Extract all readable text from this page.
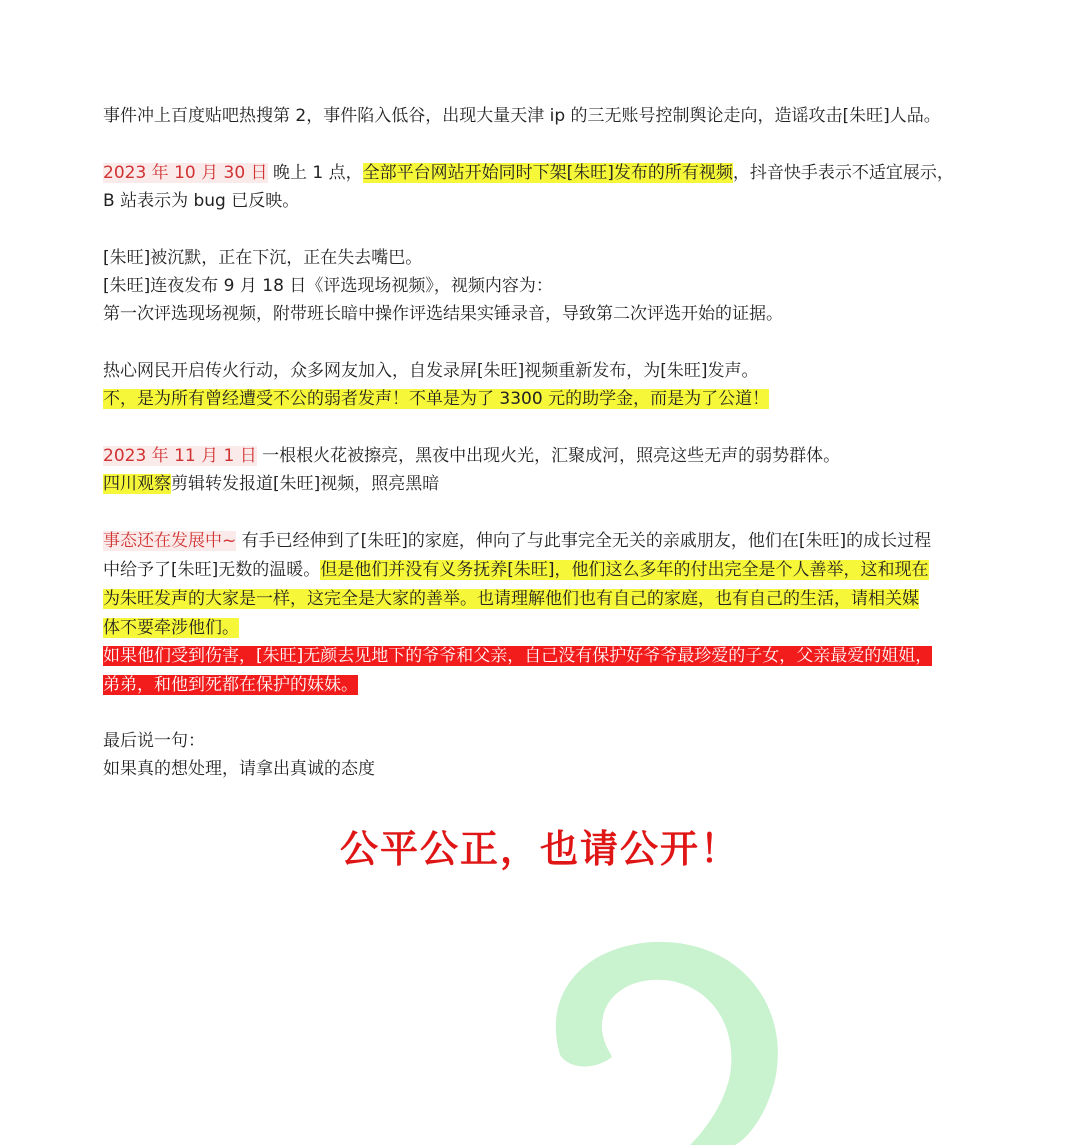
事件冲上百度贴吧热搜第 2，事件陷入低谷，出现大量天津 ip 的三无账号控制舆论走向，造谣攻击[朱旺]人品。
2023 年 10 月 30 日 晚上 1 点，全部平台网站开始同时下架[朱旺]发布的所有视频，抖音快手表示不适宜展示，
B 站表示为 bug 已反映。
[朱旺]被沉默，正在下沉，正在失去嘴巴。
[朱旺]连夜发布 9 月 18 日《评选现场视频》，视频内容为：
第一次评选现场视频，附带班长暗中操作评选结果实锤录音，导致第二次评选开始的证据。
热心网民开启传火行动，众多网友加入，自发录屏[朱旺]视频重新发布，为[朱旺]发声。
不，是为所有曾经遭受不公的弱者发声！不单是为了 3300 元的助学金，而是为了公道！
2023 年 11 月 1 日 一根根火花被擦亮，黑夜中出现火光，汇聚成河，照亮这些无声的弱势群体。
四川观察剪辑转发报道[朱旺]视频，照亮黑暗
事态还在发展中~ 有手已经伸到了[朱旺]的家庭，伸向了与此事完全无关的亲戚朋友，他们在[朱旺]的成长过程
中给予了[朱旺]无数的温暖。但是他们并没有义务抚养[朱旺]，他们这么多年的付出完全是个人善举，这和现在
为朱旺发声的大家是一样，这完全是大家的善举。也请理解他们也有自己的家庭，也有自己的生活，请相关媒
体不要牵涉他们。
如果他们受到伤害，[朱旺]无颜去见地下的爷爷和父亲，自己没有保护好爷爷最珍爱的子女，父亲最爱的姐姐，
弟弟，和他到死都在保护的妹妹。
最后说一句：
如果真的想处理，请拿出真诚的态度
公平公正，也请公开！
